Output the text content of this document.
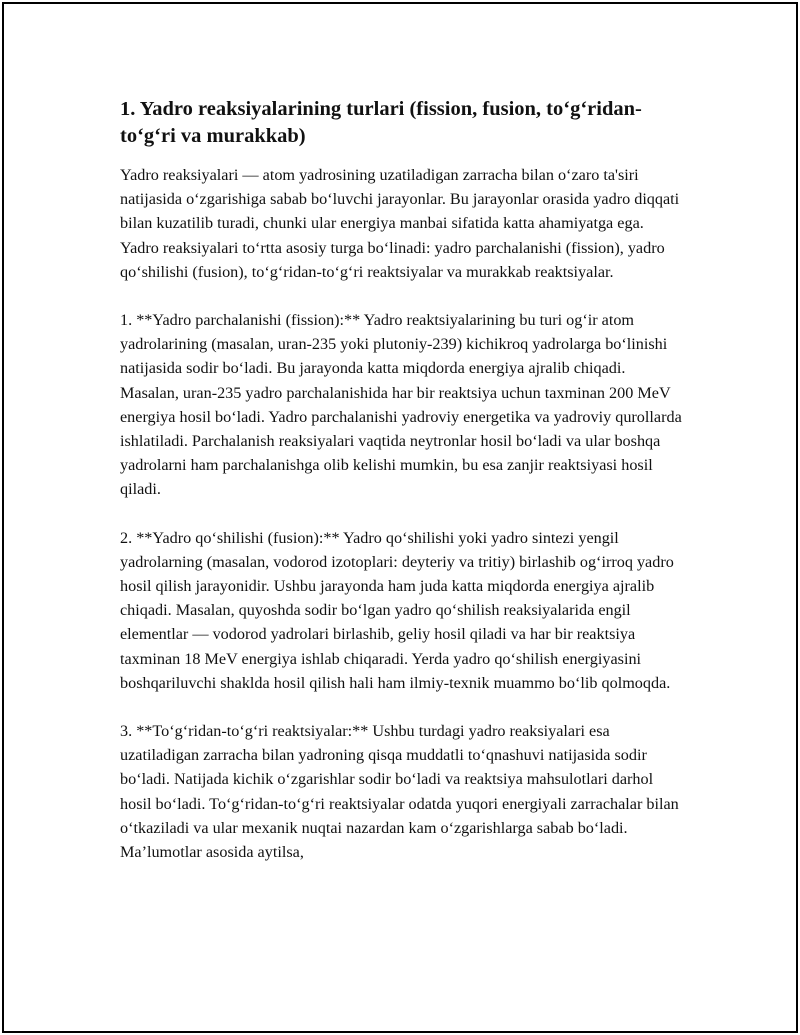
1. Yadro reaksiyalarining turlari (fission, fusion, to‘g‘ridan-to‘g‘ri va murakkab)

Yadro reaksiyalari — atom yadrosining uzatiladigan zarracha bilan o‘zaro ta'siri natijasida o‘zgarishiga sabab bo‘luvchi jarayonlar. Bu jarayonlar orasida yadro diqqati bilan kuzatilib turadi, chunki ular energiya manbai sifatida katta ahamiyatga ega. Yadro reaksiyalari to‘rtta asosiy turga bo‘linadi: yadro parchalanishi (fission), yadro qo‘shilishi (fusion), to‘g‘ridan-to‘g‘ri reaktsiyalar va murakkab reaktsiyalar.

1. **Yadro parchalanishi (fission):** Yadro reaktsiyalarining bu turi og‘ir atom yadrolarining (masalan, uran-235 yoki plutoniy-239) kichikroq yadrolarga bo‘linishi natijasida sodir bo‘ladi. Bu jarayonda katta miqdorda energiya ajralib chiqadi. Masalan, uran-235 yadro parchalanishida har bir reaktsiya uchun taxminan 200 MeV energiya hosil bo‘ladi. Yadro parchalanishi yadroviy energetika va yadroviy qurollarda ishlatiladi. Parchalanish reaksiyalari vaqtida neytronlar hosil bo‘ladi va ular boshqa yadrolarni ham parchalanishga olib kelishi mumkin, bu esa zanjir reaktsiyasi hosil qiladi.

2. **Yadro qo‘shilishi (fusion):** Yadro qo‘shilishi yoki yadro sintezi yengil yadrolarning (masalan, vodorod izotoplari: deyteriy va tritiy) birlashib og‘irroq yadro hosil qilish jarayonidir. Ushbu jarayonda ham juda katta miqdorda energiya ajralib chiqadi. Masalan, quyoshda sodir bo‘lgan yadro qo‘shilish reaksiyalarida engil elementlar — vodorod yadrolari birlashib, geliy hosil qiladi va har bir reaktsiya taxminan 18 MeV energiya ishlab chiqaradi. Yerda yadro qo‘shilish energiyasini boshqariluvchi shaklda hosil qilish hali ham ilmiy-texnik muammo bo‘lib qolmoqda.

3. **To‘g‘ridan-to‘g‘ri reaktsiyalar:** Ushbu turdagi yadro reaksiyalari esa uzatiladigan zarracha bilan yadroning qisqa muddatli to‘qnashuvi natijasida sodir bo‘ladi. Natijada kichik o‘zgarishlar sodir bo‘ladi va reaktsiya mahsulotlari darhol hosil bo‘ladi. To‘g‘ridan-to‘g‘ri reaktsiyalar odatda yuqori energiyali zarrachalar bilan o‘tkaziladi va ular mexanik nuqtai nazardan kam o‘zgarishlarga sabab bo‘ladi. Ma’lumotlar asosida aytilsa,
